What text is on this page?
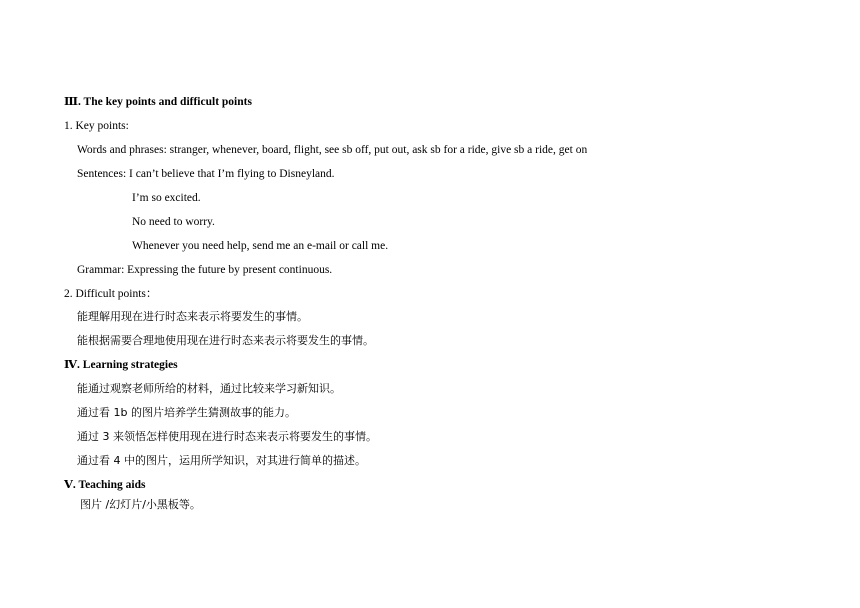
Ⅲ. The key points and difficult points
1. Key points:
Words and phrases: stranger, whenever, board, flight, see sb off, put out, ask sb for a ride, give sb a ride, get on
Sentences: I can’t believe that I’m flying to Disneyland.
I’m so excited.
No need to worry.
Whenever you need help, send me an e-mail or call me.
Grammar: Expressing the future by present continuous.
2. Difficult points：
能理解用现在进行时态来表示将要发生的事情。
能根据需要合理地使用现在进行时态来表示将要发生的事情。
Ⅳ. Learning strategies
能通过观察老师所给的材料，通过比较来学习新知识。
通过看 1b 的图片培养学生猜测故事的能力。
通过 3 来领悟怎样使用现在进行时态来表示将要发生的事情。
通过看 4 中的图片，运用所学知识，对其进行简单的描述。
Ⅴ. Teaching aids
图片 /幻灯片/小黑板等。
